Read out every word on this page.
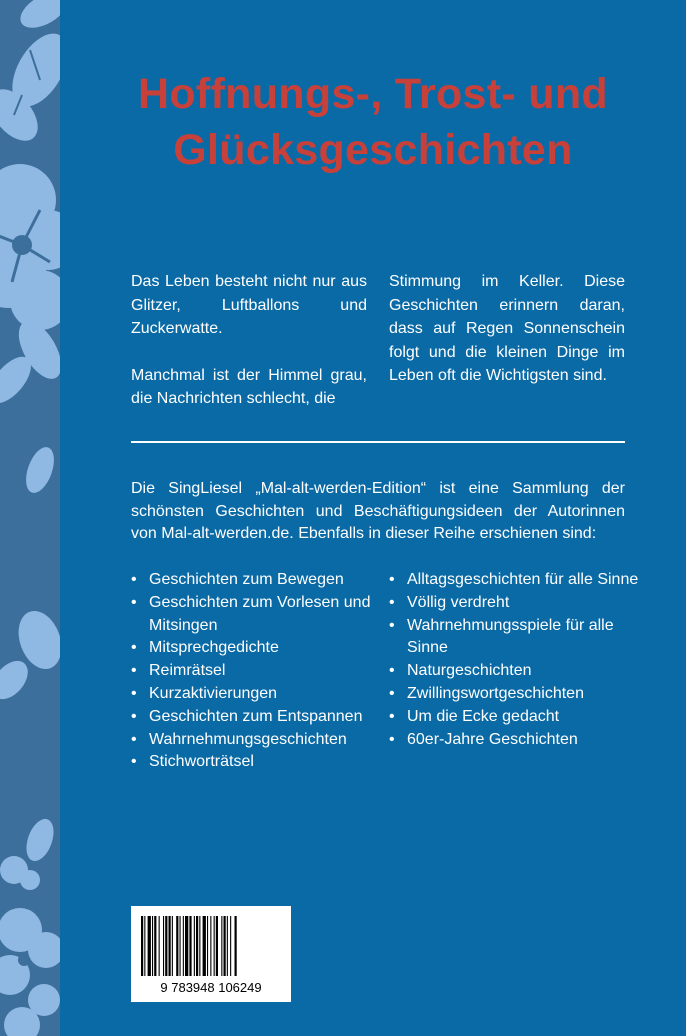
Hoffnungs-, Trost- und
Glücksgeschichten

Das Leben besteht nicht nur aus Glitzer, Luftballons und Zuckerwatte.

Manchmal ist der Himmel grau, die Nachrichten schlecht, die

Stimmung im Keller. Diese Geschichten erinnern daran, dass auf Regen Sonnenschein folgt und die kleinen Dinge im Leben oft die Wichtigsten sind.

Die SingLiesel „Mal-alt-werden-Edition“ ist eine Sammlung der
schönsten Geschichten und Beschäftigungsideen der Autorinnen
von Mal-alt-werden.de. Ebenfalls in dieser Reihe erschienen sind:
• Geschichten zum Bewegen
• Geschichten zum Vorlesen und Mitsingen
• Mitsprechgedichte
• Reimrätsel
• Kurzaktivierungen
• Geschichten zum Entspannen
• Wahrnehmungsgeschichten
• Stichworträtsel
• Alltagsgeschichten für alle Sinne
• Völlig verdreht
• Wahrnehmungsspiele für alle Sinne
• Naturgeschichten
• Zwillingswortgeschichten
• Um die Ecke gedacht
• 60er-Jahre Geschichten
9 783948 106249
